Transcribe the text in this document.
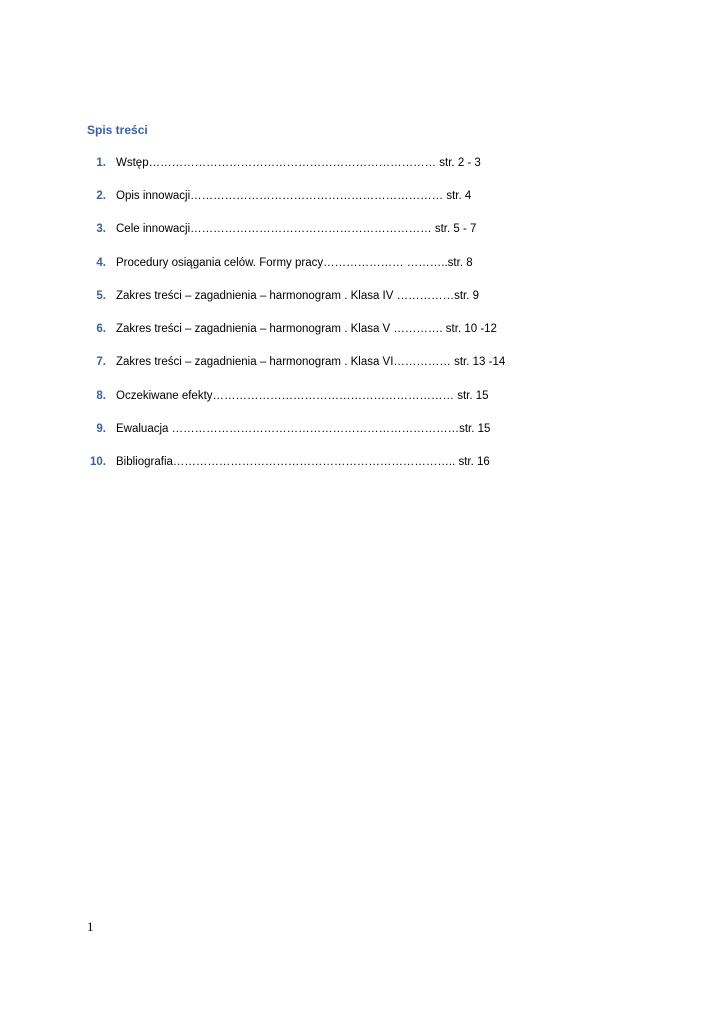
Spis treści
1. Wstęp………………………………………………………………… str. 2 - 3
2. Opis innowacji………………………………………………………… str. 4
3. Cele innowacji……………………………………………………… str. 5 - 7
4. Procedury osiągania celów. Formy pracy………………… ………..str. 8
5. Zakres treści – zagadnienia – harmonogram . Klasa IV ……………str. 9
6. Zakres treści – zagadnienia – harmonogram . Klasa V …………. str. 10 -12
7. Zakres treści – zagadnienia – harmonogram . Klasa VI…………… str. 13 -14
8. Oczekiwane efekty……………………………………………………… str. 15
9. Ewaluacja …………………………………………………………………str. 15
10. Bibliografia……………………………………………………………….. str. 16
1
